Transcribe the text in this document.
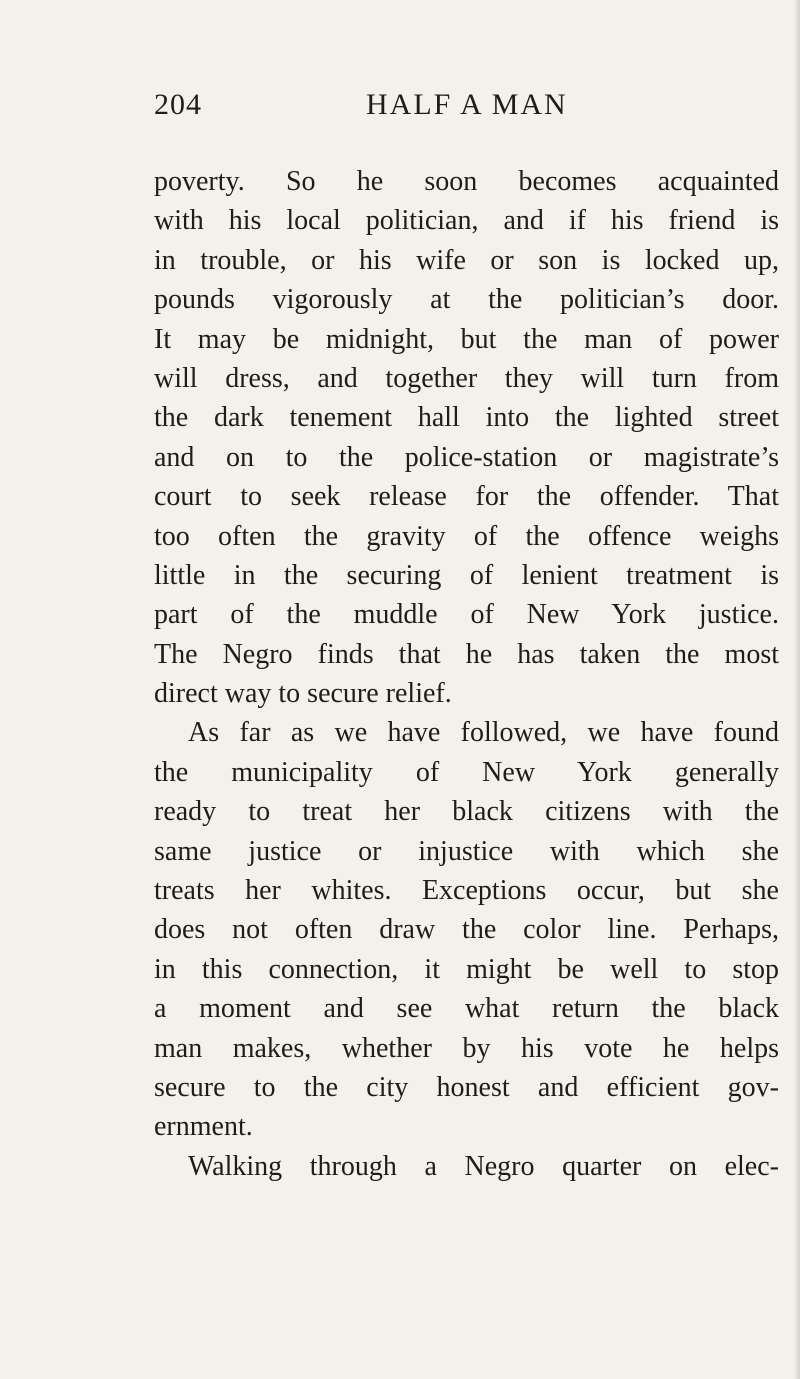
204	HALF A MAN
poverty. So he soon becomes acquainted
with his local politician, and if his friend is
in trouble, or his wife or son is locked up,
pounds vigorously at the politician’s door.
It may be midnight, but the man of power
will dress, and together they will turn from
the dark tenement hall into the lighted street
and on to the police-station or magistrate’s
court to seek release for the offender. That
too often the gravity of the offence weighs
little in the securing of lenient treatment is
part of the muddle of New York justice.
The Negro finds that he has taken the most
direct way to secure relief.
As far as we have followed, we have found
the municipality of New York generally
ready to treat her black citizens with the
same justice or injustice with which she
treats her whites. Exceptions occur, but she
does not often draw the color line. Perhaps,
in this connection, it might be well to stop
a moment and see what return the black
man makes, whether by his vote he helps
secure to the city honest and efficient gov-
ernment.
Walking through a Negro quarter on elec-
